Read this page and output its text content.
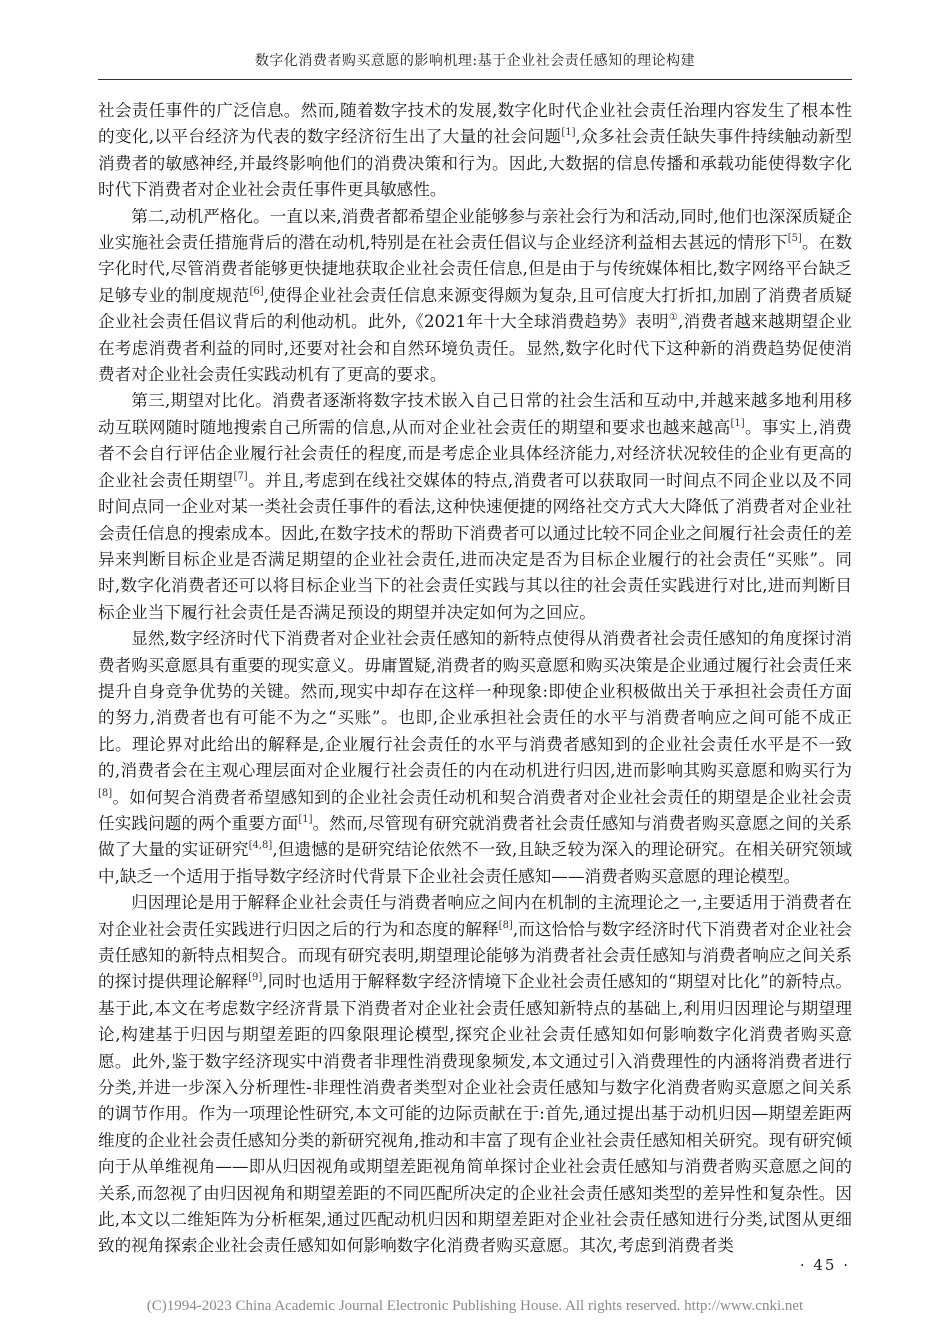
数字化消费者购买意愿的影响机理:基于企业社会责任感知的理论构建

社会责任事件的广泛信息。然而,随着数字技术的发展,数字化时代企业社会责任治理内容发生了根本性的变化,以平台经济为代表的数字经济衍生出了大量的社会问题[1],众多社会责任缺失事件持续触动新型消费者的敏感神经,并最终影响他们的消费决策和行为。因此,大数据的信息传播和承载功能使得数字化时代下消费者对企业社会责任事件更具敏感性。

第二,动机严格化。一直以来,消费者都希望企业能够参与亲社会行为和活动,同时,他们也深深质疑企业实施社会责任措施背后的潜在动机,特别是在社会责任倡议与企业经济利益相去甚远的情形下[5]。在数字化时代,尽管消费者能够更快捷地获取企业社会责任信息,但是由于与传统媒体相比,数字网络平台缺乏足够专业的制度规范[6],使得企业社会责任信息来源变得颇为复杂,且可信度大打折扣,加剧了消费者质疑企业社会责任倡议背后的利他动机。此外,《2021年十大全球消费趋势》表明①,消费者越来越期望企业在考虑消费者利益的同时,还要对社会和自然环境负责任。显然,数字化时代下这种新的消费趋势促使消费者对企业社会责任实践动机有了更高的要求。

第三,期望对比化。消费者逐渐将数字技术嵌入自己日常的社会生活和互动中,并越来越多地利用移动互联网随时随地搜索自己所需的信息,从而对企业社会责任的期望和要求也越来越高[1]。事实上,消费者不会自行评估企业履行社会责任的程度,而是考虑企业具体经济能力,对经济状况较佳的企业有更高的企业社会责任期望[7]。并且,考虑到在线社交媒体的特点,消费者可以获取同一时间点不同企业以及不同时间点同一企业对某一类社会责任事件的看法,这种快速便捷的网络社交方式大大降低了消费者对企业社会责任信息的搜索成本。因此,在数字技术的帮助下消费者可以通过比较不同企业之间履行社会责任的差异来判断目标企业是否满足期望的企业社会责任,进而决定是否为目标企业履行的社会责任“买账”。同时,数字化消费者还可以将目标企业当下的社会责任实践与其以往的社会责任实践进行对比,进而判断目标企业当下履行社会责任是否满足预设的期望并决定如何为之回应。

显然,数字经济时代下消费者对企业社会责任感知的新特点使得从消费者社会责任感知的角度探讨消费者购买意愿具有重要的现实意义。毋庸置疑,消费者的购买意愿和购买决策是企业通过履行社会责任来提升自身竞争优势的关键。然而,现实中却存在这样一种现象:即使企业积极做出关于承担社会责任方面的努力,消费者也有可能不为之“买账”。也即,企业承担社会责任的水平与消费者响应之间可能不成正比。理论界对此给出的解释是,企业履行社会责任的水平与消费者感知到的企业社会责任水平是不一致的,消费者会在主观心理层面对企业履行社会责任的内在动机进行归因,进而影响其购买意愿和购买行为[8]。如何契合消费者希望感知到的企业社会责任动机和契合消费者对企业社会责任的期望是企业社会责任实践问题的两个重要方面[1]。然而,尽管现有研究就消费者社会责任感知与消费者购买意愿之间的关系做了大量的实证研究[4,8],但遗憾的是研究结论依然不一致,且缺乏较为深入的理论研究。在相关研究领域中,缺乏一个适用于指导数字经济时代背景下企业社会责任感知——消费者购买意愿的理论模型。

归因理论是用于解释企业社会责任与消费者响应之间内在机制的主流理论之一,主要适用于消费者在对企业社会责任实践进行归因之后的行为和态度的解释[8],而这恰恰与数字经济时代下消费者对企业社会责任感知的新特点相契合。而现有研究表明,期望理论能够为消费者社会责任感知与消费者响应之间关系的探讨提供理论解释[9],同时也适用于解释数字经济情境下企业社会责任感知的“期望对比化”的新特点。基于此,本文在考虑数字经济背景下消费者对企业社会责任感知新特点的基础上,利用归因理论与期望理论,构建基于归因与期望差距的四象限理论模型,探究企业社会责任感知如何影响数字化消费者购买意愿。此外,鉴于数字经济现实中消费者非理性消费现象频发,本文通过引入消费理性的内涵将消费者进行分类,并进一步深入分析理性-非理性消费者类型对企业社会责任感知与数字化消费者购买意愿之间关系的调节作用。作为一项理论性研究,本文可能的边际贡献在于:首先,通过提出基于动机归因—期望差距两维度的企业社会责任感知分类的新研究视角,推动和丰富了现有企业社会责任感知相关研究。现有研究倾向于从单维视角——即从归因视角或期望差距视角简单探讨企业社会责任感知与消费者购买意愿之间的关系,而忽视了由归因视角和期望差距的不同匹配所决定的企业社会责任感知类型的差异性和复杂性。因此,本文以二维矩阵为分析框架,通过匹配动机归因和期望差距对企业社会责任感知进行分类,试图从更细致的视角探索企业社会责任感知如何影响数字化消费者购买意愿。其次,考虑到消费者类

· 45 ·
(C)1994-2023 China Academic Journal Electronic Publishing House. All rights reserved. http://www.cnki.net
